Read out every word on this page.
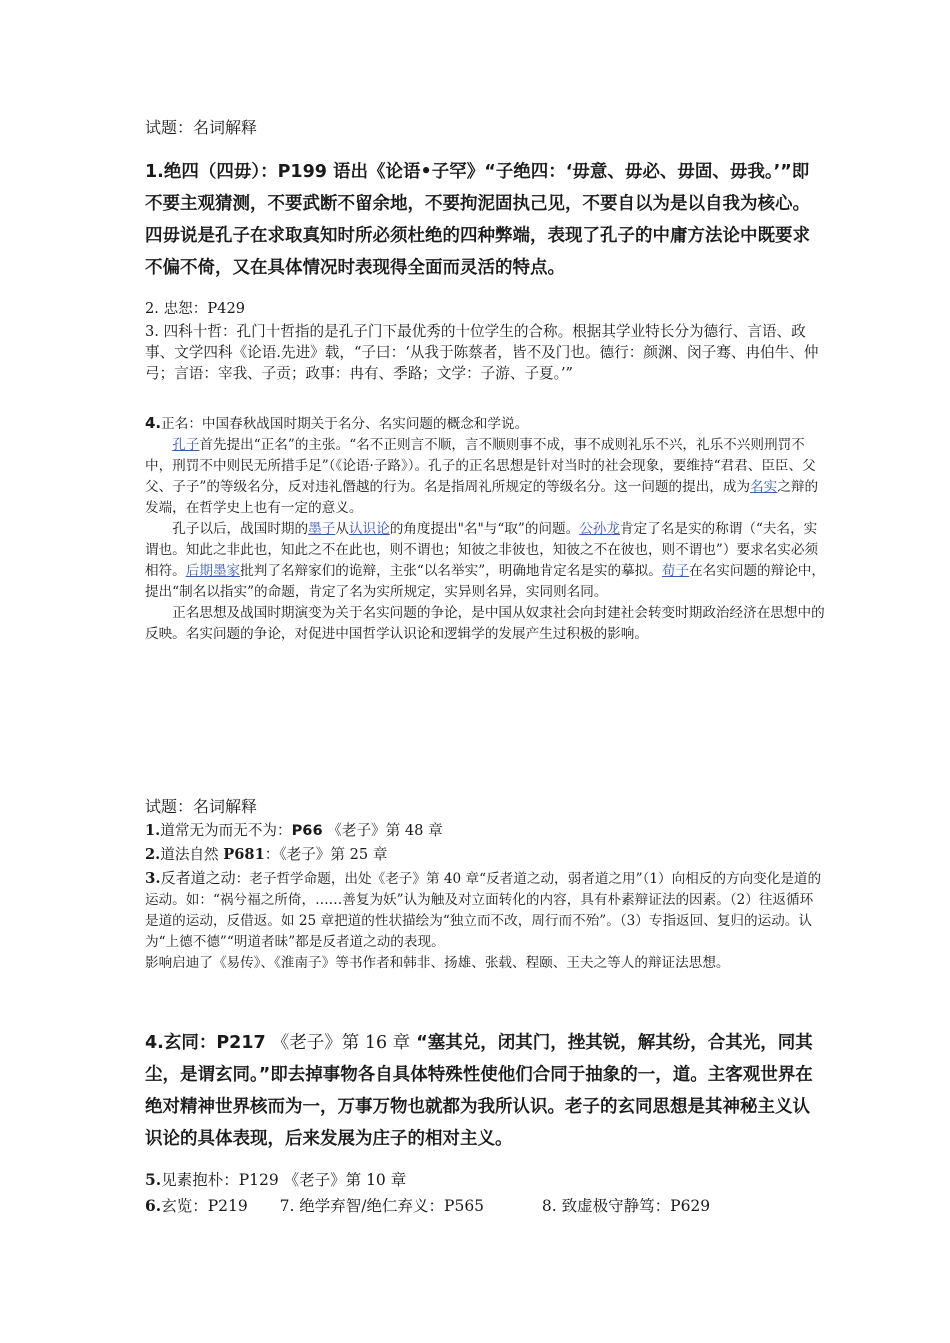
试题：名词解释
1.绝四（四毋）：P199 语出《论语•子罕》“子绝四：‘毋意、毋必、毋固、毋我。’”即不要主观猜测，不要武断不留余地，不要拘泥固执己见，不要自以为是以自我为核心。四毋说是孔子在求取真知时所必须杜绝的四种弊端，表现了孔子的中庸方法论中既要求不偏不倚，又在具体情况时表现得全面而灵活的特点。
2. 忠恕：P429
3. 四科十哲：孔门十哲指的是孔子门下最优秀的十位学生的合称。根据其学业特长分为德行、言语、政事、文学四科《论语.先进》载，“子曰：‘从我于陈蔡者，皆不及门也。德行：颜渊、闵子骞、冉伯牛、仲弓；言语：宰我、子贡；政事：冉有、季路；文学：子游、子夏。’”

4.正名：中国春秋战国时期关于名分、名实问题的概念和学说。

孔子首先提出“正名”的主张。“名不正则言不顺，言不顺则事不成，事不成则礼乐不兴，礼乐不兴则刑罚不中，刑罚不中则民无所措手足”（《论语·子路》）。孔子的正名思想是针对当时的社会现象，要维持“君君、臣臣、父父、子子”的等级名分，反对违礼僭越的行为。名是指周礼所规定的等级名分。这一问题的提出，成为名实之辩的发端，在哲学史上也有一定的意义。

孔子以后，战国时期的墨子从认识论的角度提出"名"与“取”的问题。公孙龙肯定了名是实的称谓（“夫名，实谓也。知此之非此也，知此之不在此也，则不谓也；知彼之非彼也，知彼之不在彼也，则不谓也”）要求名实必须相符。后期墨家批判了名辩家们的诡辩，主张“以名举实”，明确地肯定名是实的摹拟。荀子在名实问题的辩论中，提出“制名以指实”的命题，肯定了名为实所规定，实异则名异，实同则名同。

正名思想及战国时期演变为关于名实问题的争论，是中国从奴隶社会向封建社会转变时期政治经济在思想中的反映。名实问题的争论，对促进中国哲学认识论和逻辑学的发展产生过积极的影响。

试题：名词解释
1.道常无为而无不为：P66 《老子》第 48 章
2.道法自然 P681：《老子》第 25 章

3.反者道之动：老子哲学命题，出处《老子》第 40 章“反者道之动，弱者道之用”（1）向相反的方向变化是道的运动。如：“祸兮福之所倚，……善复为妖”认为触及对立面转化的内容，具有朴素辩证法的因素。（2）往返循环是道的运动，反借返。如 25 章把道的性状描绘为“独立而不改，周行而不殆”。（3）专指返回、复归的运动。认为“上德不德”“明道者昧”都是反者道之动的表现。

影响启迪了《易传》、《淮南子》等书作者和韩非、扬雄、张载、程颐、王夫之等人的辩证法思想。

4.玄同：P217 《老子》第 16 章 “塞其兑，闭其门，挫其锐，解其纷，合其光，同其尘，是谓玄同。”即去掉事物各自具体特殊性使他们合同于抽象的一，道。主客观世界在绝对精神世界核而为一，万事万物也就都为我所认识。老子的玄同思想是其神秘主义认识论的具体表现，后来发展为庄子的相对主义。
5.见素抱朴：P129 《老子》第 10 章
6.玄览：P219 7. 绝学弃智/绝仁弃义：P565	8. 致虚极守静笃：P629
